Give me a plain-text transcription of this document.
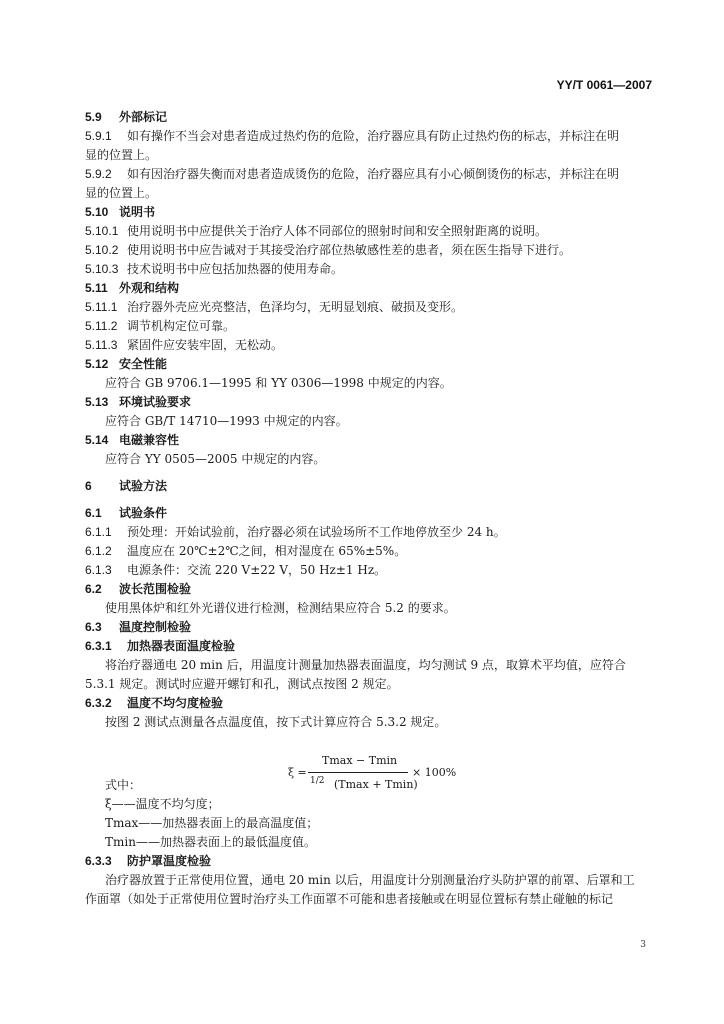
YY/T 0061—2007
5.9 外部标记
5.9.1 如有操作不当会对患者造成过热灼伤的危险，治疗器应具有防止过热灼伤的标志，并标注在明
显的位置上。
5.9.2 如有因治疗器失衡而对患者造成烫伤的危险，治疗器应具有小心倾倒烫伤的标志，并标注在明
显的位置上。
5.10 说明书
5.10.1 使用说明书中应提供关于治疗人体不同部位的照射时间和安全照射距离的说明。
5.10.2 使用说明书中应告诫对于其接受治疗部位热敏感性差的患者，须在医生指导下进行。
5.10.3 技术说明书中应包括加热器的使用寿命。
5.11 外观和结构
5.11.1 治疗器外壳应光亮整洁，色泽均匀，无明显划痕、破损及变形。
5.11.2 调节机构定位可靠。
5.11.3 紧固件应安装牢固，无松动。
5.12 安全性能
应符合 GB 9706.1—1995 和 YY 0306—1998 中规定的内容。
5.13 环境试验要求
应符合 GB/T 14710—1993 中规定的内容。
5.14 电磁兼容性
应符合 YY 0505—2005 中规定的内容。
6 试验方法
6.1 试验条件
6.1.1 预处理：开始试验前，治疗器必须在试验场所不工作地停放至少 24 h。
6.1.2 温度应在 20℃±2℃之间，相对湿度在 65%±5%。
6.1.3 电源条件：交流 220 V±22 V，50 Hz±1 Hz。
6.2 波长范围检验
使用黑体炉和红外光谱仪进行检测，检测结果应符合 5.2 的要求。
6.3 温度控制检验
6.3.1 加热器表面温度检验
将治疗器通电 20 min 后，用温度计测量加热器表面温度，均匀测试 9 点，取算术平均值，应符合
5.3.1 规定。测试时应避开螺钉和孔，测试点按图 2 规定。
6.3.2 温度不均匀度检验
按图 2 测试点测量各点温度值，按下式计算应符合 5.3.2 规定。
式中：
ξ——温度不均匀度；
Tmax——加热器表面上的最高温度值；
Tmin——加热器表面上的最低温度值。
6.3.3 防护罩温度检验
治疗器放置于正常使用位置，通电 20 min 以后，用温度计分别测量治疗头防护罩的前罩、后罩和工
作面罩（如处于正常使用位置时治疗头工作面罩不可能和患者接触或在明显位置标有禁止碰触的标记
ξ =
Tmax − Tmin
1/2 (Tmax + Tmin)
× 100%
3
